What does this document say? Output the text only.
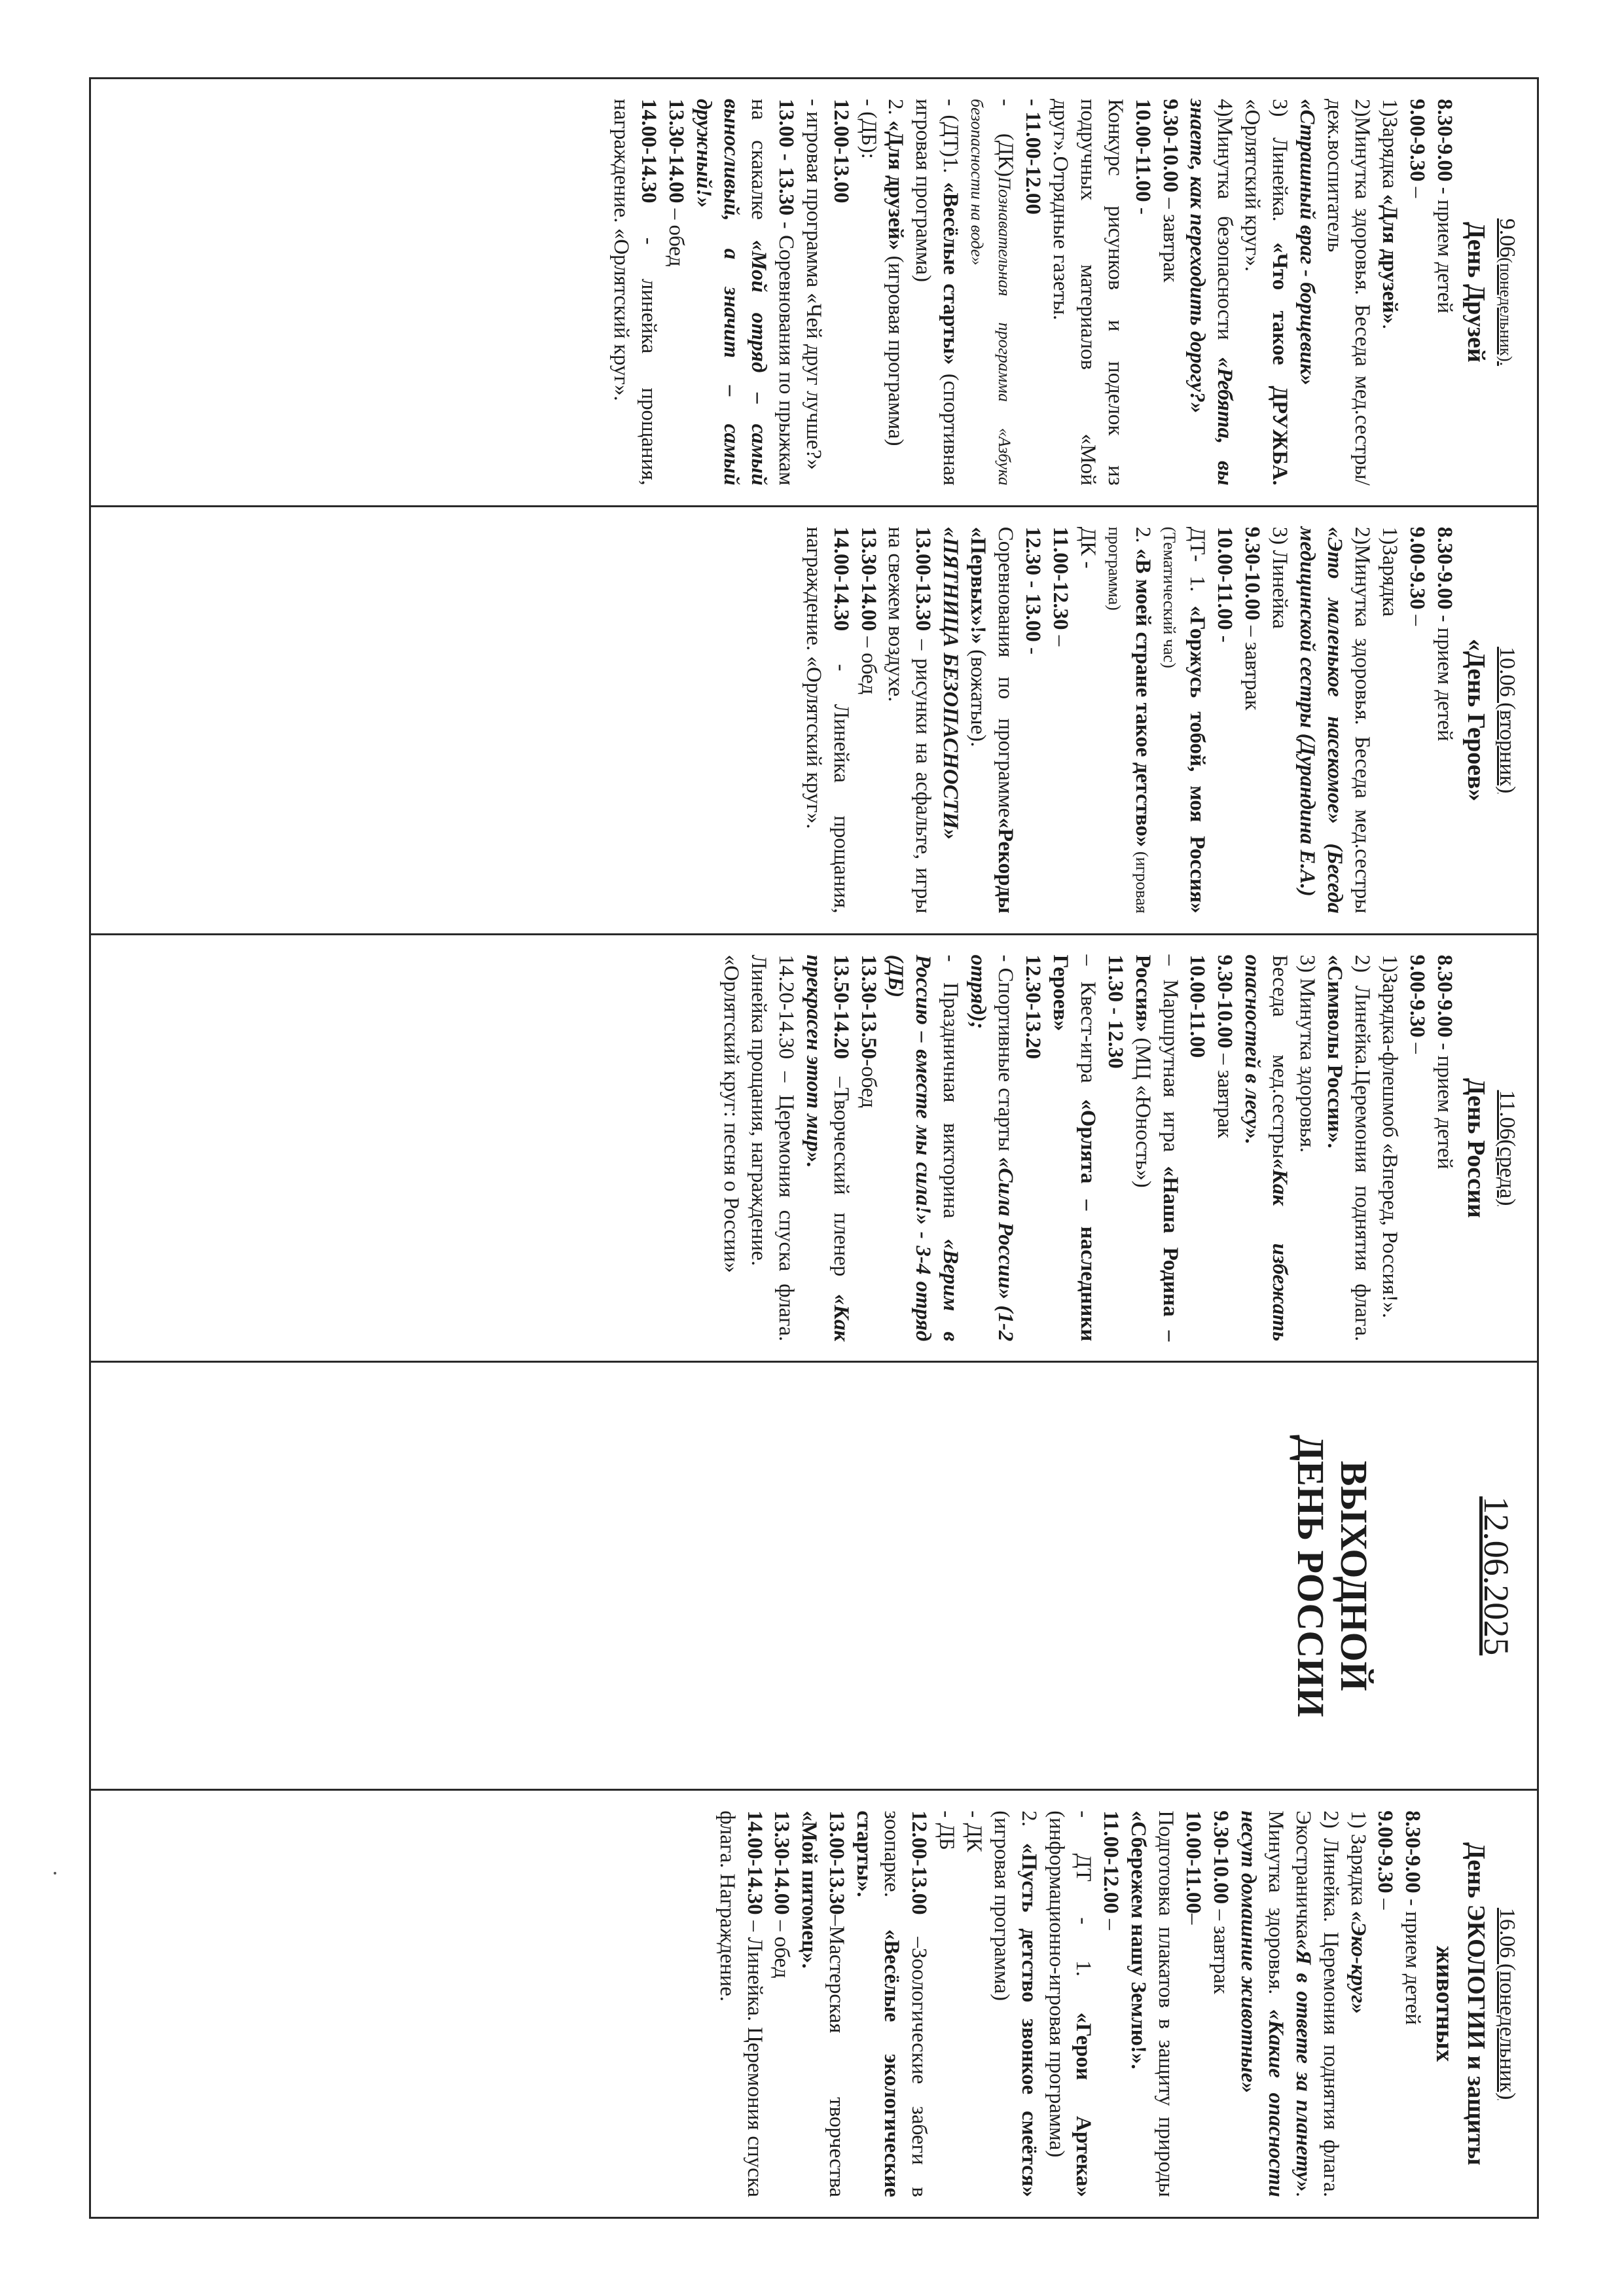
9.06(понедельник).

День Друзей

8.30-9.00 - прием детей

9.00-9.30 –

1)Зарядка «Для друзей».

2)Минутка здоровья. Беседа мед.сестры/деж.воспитатель

«Страшный враг - борщевик»

3) Линейка. «Что такое ДРУЖБА. «Орлятский круг».

4)Минутка безопасности «Ребята, вы знаете, как переходить дорогу?»

9.30-10.00 – завтрак

10.00-11.00 -

Конкурс рисунков и поделок из подручных материалов «Мой друг».Отрядные газеты.

- 11.00-12.00

- (ДК)Познавательная программа «Азбука безопасности на воде»

- (ДТ)1. «Весёлые старты» (спортивная игровая программа)

2. «Для друзей» (игровая программа)

- (ДБ):

12.00-13.00

- игровая программа «Чей друг лучше?»

13.00 - 13.30 - Соревнования по прыжкам на скакалке «Мой отряд – самый выносливый, а значит – самый дружный!»

13.30-14.00 – обед

14.00-14.30 - линейка прощания, награждение. «Орлятский круг».

10.06 (вторник)

«День Героев»

8.30-9.00 - прием детей

9.00-9.30 –

1)Зарядка

2)Минутка здоровья. Беседа мед.сестры «Это маленькое насекомое» (Беседа медицинской сестры (Дурандина Е.А.)

3) Линейка

9.30-10.00 – завтрак

10.00-11.00 -

ДТ- 1. «Горжусь тобой, моя Россия» (Тематический час)

2. «В моей стране такое детство» (игровая программа)

ДК -

11.00-12.30 –

12.30 - 13.00 -

Соревнования по программе«Рекорды «Первых»!» (вожатые).

«ПЯТНИЦА БЕЗОПАСНОСТИ»

13.00-13.30 – рисунки на асфальте, игры на свежем воздухе.

13.30-14.00 – обед

14.00-14.30 - Линейка прощания, награждение. «Орлятский круг».

11.06(среда)

День России

8.30-9.00 - прием детей

9.00-9.30 –

1)Зарядка-флешмоб «Вперед, Россия!».

2) Линейка.Церемония поднятия флага. «Символы России».

3) Минутка здоровья.

Беседа мед.сестры«Как избежать опасностей в лесу».

9.30-10.00 – завтрак

10.00-11.00

– Маршрутная игра «Наша Родина – Россия» (МЦ «Юность»)

11.30 - 12.30

– Квест-игра «Орлята – наследники Героев»

12.30-13.20

- Спортивные старты «Сила России» (1-2 отряд);

- Праздничная викторина «Верим в Россию – вместе мы сила!» - 3-4 отряд (ДБ)

13.30-13.50-обед

13.50-14.20 –Творческий пленер «Как прекрасен этот мир».

14.20-14.30 – Церемония спуска флага. Линейка прощания, награждение.

«Орлятский круг: песня о России»

12.06.2025

ВЫХОДНОЙ
ДЕНЬ РОССИИ

16.06 (понедельник)

День ЭКОЛОГИИ и защиты животных

8.30-9.00 - прием детей

9.00-9.30 –

1) Зарядка «Эко-круг»

2) Линейка. Церемония поднятия флага. Экостраничка«Я в ответе за планету». Минутка здоровья. «Какие опасности несут домашние животные»

9.30-10.00 – завтрак

10.00-11.00–

Подготовка плакатов в защиту природы «Сбережем нашу Землю!».

11.00-12.00 –

- ДТ - 1. «Герои Артека» (информационно-игровая программа)

2. «Пусть детство звонкое смеётся» (игровая программа)

- ДК

- ДБ

12.00-13.00 –Зоологические забеги в зоопарке. «Весёлые экологические старты».

13.00-13.30–Мастерская творчества «Мой питомец».

13.30-14.00 – обед

14.00-14.30 – Линейка. Церемония спуска флага. Награждение.
